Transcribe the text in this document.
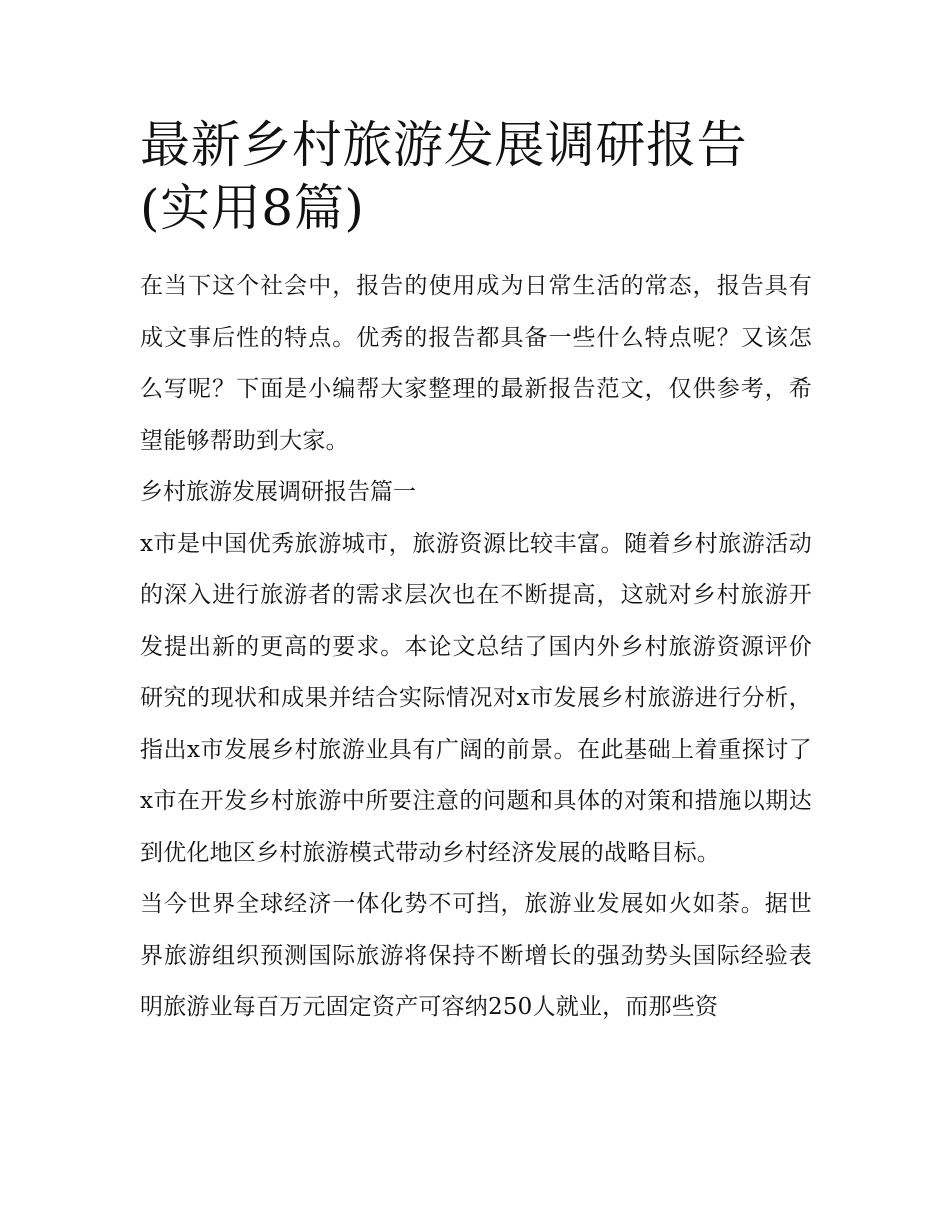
最新乡村旅游发展调研报告(实用8篇)

在当下这个社会中，报告的使用成为日常生活的常态，报告具有成文事后性的特点。优秀的报告都具备一些什么特点呢？又该怎么写呢？下面是小编帮大家整理的最新报告范文，仅供参考，希望能够帮助到大家。

乡村旅游发展调研报告篇一

x市是中国优秀旅游城市，旅游资源比较丰富。随着乡村旅游活动的深入进行旅游者的需求层次也在不断提高，这就对乡村旅游开发提出新的更高的要求。本论文总结了国内外乡村旅游资源评价研究的现状和成果并结合实际情况对x市发展乡村旅游进行分析，指出x市发展乡村旅游业具有广阔的前景。在此基础上着重探讨了x市在开发乡村旅游中所要注意的问题和具体的对策和措施以期达到优化地区乡村旅游模式带动乡村经济发展的战略目标。

当今世界全球经济一体化势不可挡，旅游业发展如火如荼。据世界旅游组织预测国际旅游将保持不断增长的强劲势头国际经验表明旅游业每百万元固定资产可容纳250人就业，而那些资
